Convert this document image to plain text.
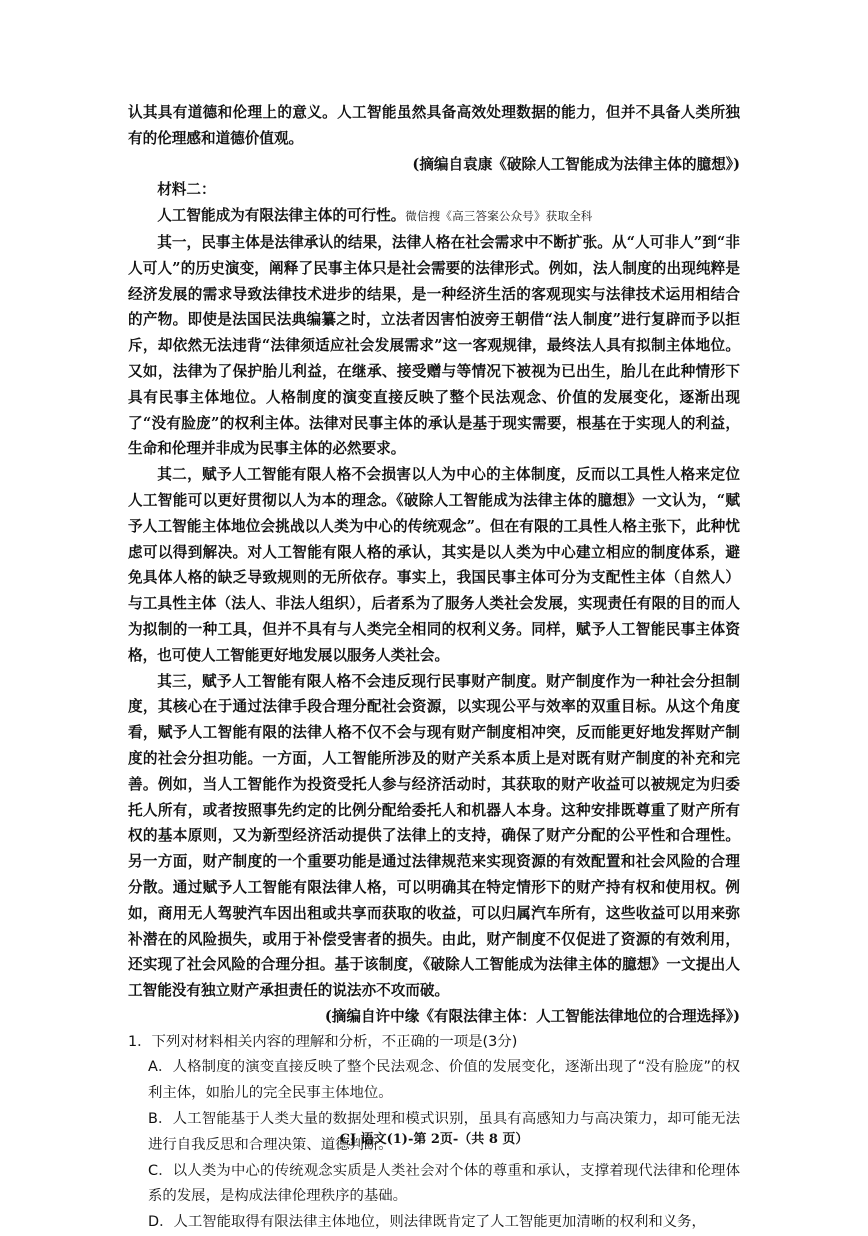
认其具有道德和伦理上的意义。人工智能虽然具备高效处理数据的能力，但并不具备人类所独有的伦理感和道德价值观。

(摘编自袁康《破除人工智能成为法律主体的臆想》)

材料二：

人工智能成为有限法律主体的可行性。微信搜《高三答案公众号》获取全科

其一，民事主体是法律承认的结果，法律人格在社会需求中不断扩张。从“人可非人”到“非人可人”的历史演变，阐释了民事主体只是社会需要的法律形式。例如，法人制度的出现纯粹是经济发展的需求导致法律技术进步的结果，是一种经济生活的客观现实与法律技术运用相结合的产物。即使是法国民法典编纂之时，立法者因害怕波旁王朝借“法人制度”进行复辟而予以拒斥，却依然无法违背“法律须适应社会发展需求”这一客观规律，最终法人具有拟制主体地位。又如，法律为了保护胎儿利益，在继承、接受赠与等情况下被视为已出生，胎儿在此种情形下具有民事主体地位。人格制度的演变直接反映了整个民法观念、价值的发展变化，逐渐出现了“没有脸庞”的权利主体。法律对民事主体的承认是基于现实需要，根基在于实现人的利益，生命和伦理并非成为民事主体的必然要求。

其二，赋予人工智能有限人格不会损害以人为中心的主体制度，反而以工具性人格来定位人工智能可以更好贯彻以人为本的理念。《破除人工智能成为法律主体的臆想》一文认为，“赋予人工智能主体地位会挑战以人类为中心的传统观念”。但在有限的工具性人格主张下，此种忧虑可以得到解决。对人工智能有限人格的承认，其实是以人类为中心建立相应的制度体系，避免具体人格的缺乏导致规则的无所依存。事实上，我国民事主体可分为支配性主体（自然人）与工具性主体（法人、非法人组织），后者系为了服务人类社会发展，实现责任有限的目的而人为拟制的一种工具，但并不具有与人类完全相同的权利义务。同样，赋予人工智能民事主体资格，也可使人工智能更好地发展以服务人类社会。

其三，赋予人工智能有限人格不会违反现行民事财产制度。财产制度作为一种社会分担制度，其核心在于通过法律手段合理分配社会资源，以实现公平与效率的双重目标。从这个角度看，赋予人工智能有限的法律人格不仅不会与现有财产制度相冲突，反而能更好地发挥财产制度的社会分担功能。一方面，人工智能所涉及的财产关系本质上是对既有财产制度的补充和完善。例如，当人工智能作为投资受托人参与经济活动时，其获取的财产收益可以被规定为归委托人所有，或者按照事先约定的比例分配给委托人和机器人本身。这种安排既尊重了财产所有权的基本原则，又为新型经济活动提供了法律上的支持，确保了财产分配的公平性和合理性。另一方面，财产制度的一个重要功能是通过法律规范来实现资源的有效配置和社会风险的合理分散。通过赋予人工智能有限法律人格，可以明确其在特定情形下的财产持有权和使用权。例如，商用无人驾驶汽车因出租或共享而获取的收益，可以归属汽车所有，这些收益可以用来弥补潜在的风险损失，或用于补偿受害者的损失。由此，财产制度不仅促进了资源的有效利用，还实现了社会风险的合理分担。基于该制度，《破除人工智能成为法律主体的臆想》一文提出人工智能没有独立财产承担责任的说法亦不攻而破。

(摘编自许中缘《有限法律主体：人工智能法律地位的合理选择》)

1．下列对材料相关内容的理解和分析，不正确的一项是(3分)

A．人格制度的演变直接反映了整个民法观念、价值的发展变化，逐渐出现了“没有脸庞”的权利主体，如胎儿的完全民事主体地位。

B．人工智能基于人类大量的数据处理和模式识别，虽具有高感知力与高决策力，却可能无法进行自我反思和合理决策、道德判断。

C．以人类为中心的传统观念实质是人类社会对个体的尊重和承认，支撑着现代法律和伦理体系的发展，是构成法律伦理秩序的基础。

D．人工智能取得有限法律主体地位，则法律既肯定了人工智能更加清晰的权利和义务，

CJ 语文(1)-第 2页-（共 8 页）
